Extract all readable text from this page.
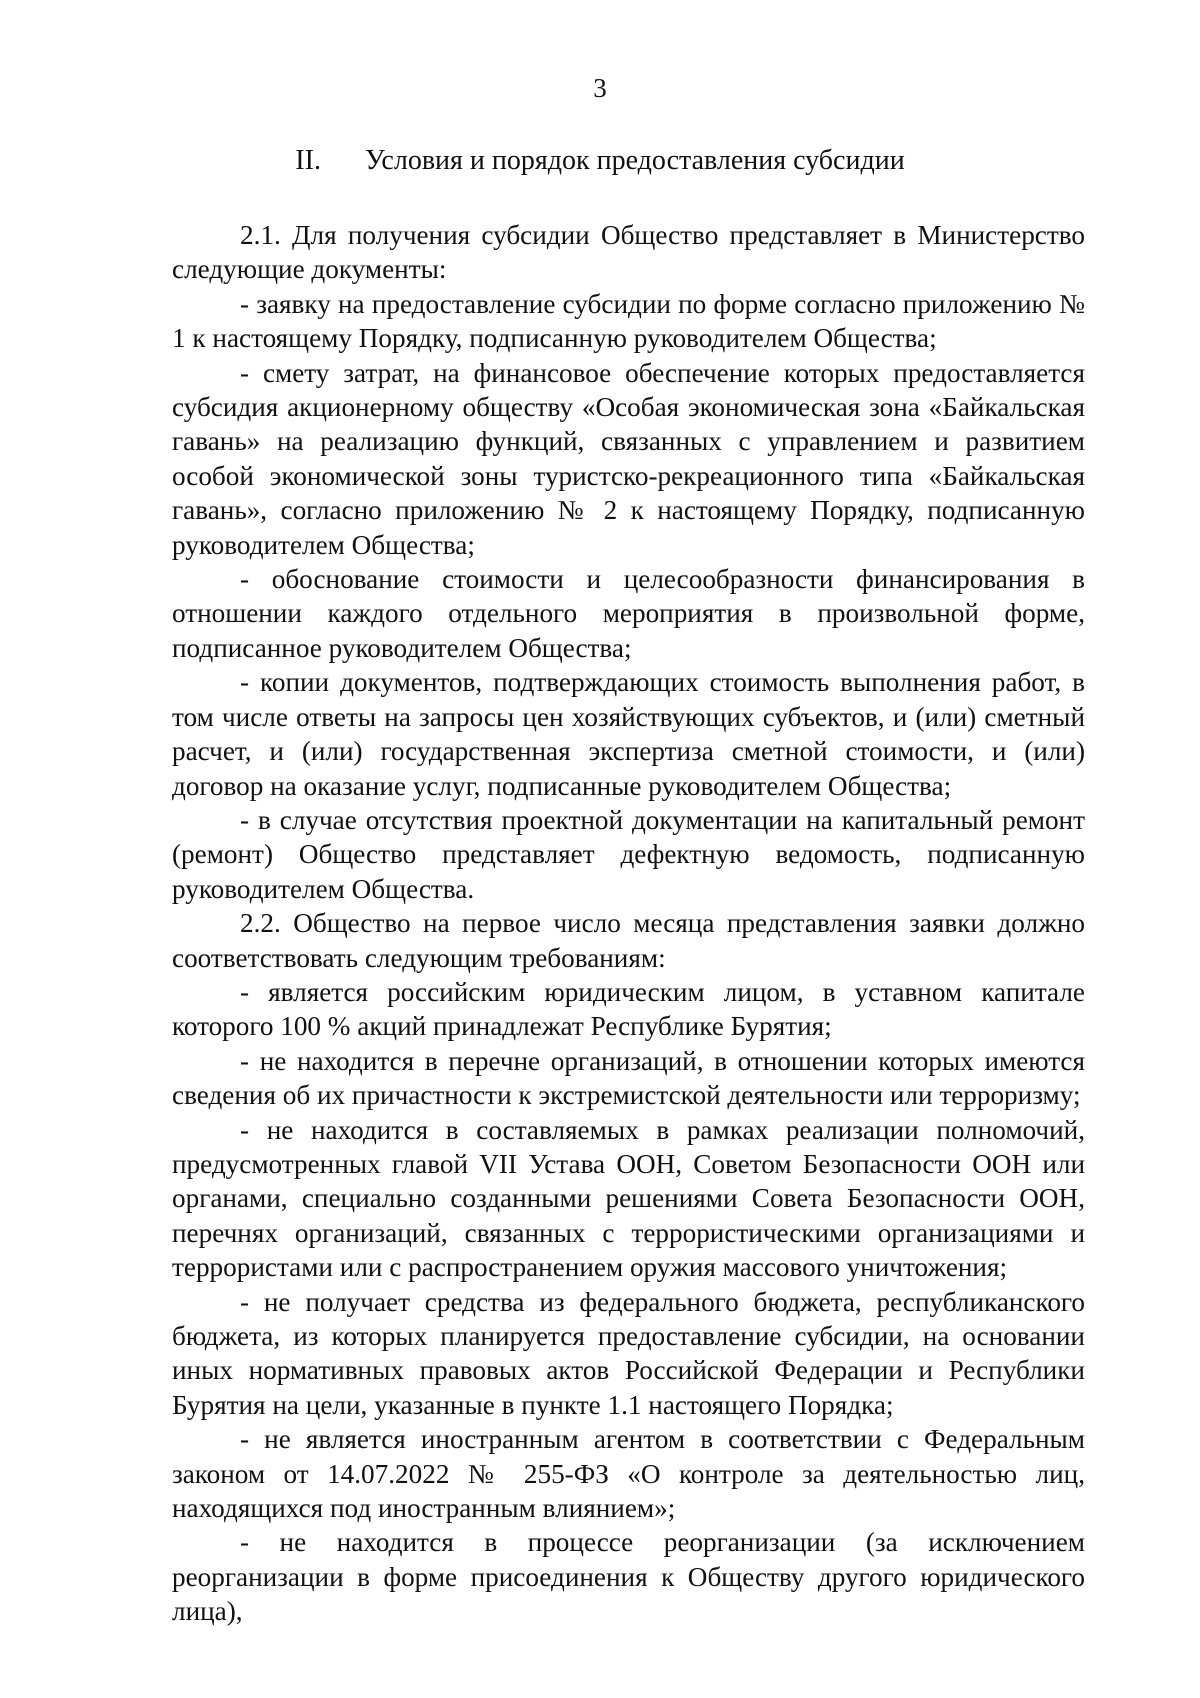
3
II. Условия и порядок предоставления субсидии

2.1. Для получения субсидии Общество представляет в Министерство следующие документы:

- заявку на предоставление субсидии по форме согласно приложению № 1 к настоящему Порядку, подписанную руководителем Общества;

- смету затрат, на финансовое обеспечение которых предоставляется субсидия акционерному обществу «Особая экономическая зона «Байкальская гавань» на реализацию функций, связанных с управлением и развитием особой экономической зоны туристско-рекреационного типа «Байкальская гавань», согласно приложению № 2 к настоящему Порядку, подписанную руководителем Общества;

- обоснование стоимости и целесообразности финансирования в отношении каждого отдельного мероприятия в произвольной форме, подписанное руководителем Общества;

- копии документов, подтверждающих стоимость выполнения работ, в том числе ответы на запросы цен хозяйствующих субъектов, и (или) сметный расчет, и (или) государственная экспертиза сметной стоимости, и (или) договор на оказание услуг, подписанные руководителем Общества;

- в случае отсутствия проектной документации на капитальный ремонт (ремонт) Общество представляет дефектную ведомость, подписанную руководителем Общества.

2.2. Общество на первое число месяца представления заявки должно соответствовать следующим требованиям:

- является российским юридическим лицом, в уставном капитале которого 100 % акций принадлежат Республике Бурятия;

- не находится в перечне организаций, в отношении которых имеются сведения об их причастности к экстремистской деятельности или терроризму;

- не находится в составляемых в рамках реализации полномочий, предусмотренных главой VII Устава ООН, Советом Безопасности ООН или органами, специально созданными решениями Совета Безопасности ООН, перечнях организаций, связанных с террористическими организациями и террористами или с распространением оружия массового уничтожения;

- не получает средства из федерального бюджета, республиканского бюджета, из которых планируется предоставление субсидии, на основании иных нормативных правовых актов Российской Федерации и Республики Бурятия на цели, указанные в пункте 1.1 настоящего Порядка;

- не является иностранным агентом в соответствии с Федеральным законом от 14.07.2022 № 255-ФЗ «О контроле за деятельностью лиц, находящихся под иностранным влиянием»;

- не находится в процессе реорганизации (за исключением реорганизации в форме присоединения к Обществу другого юридического лица),
